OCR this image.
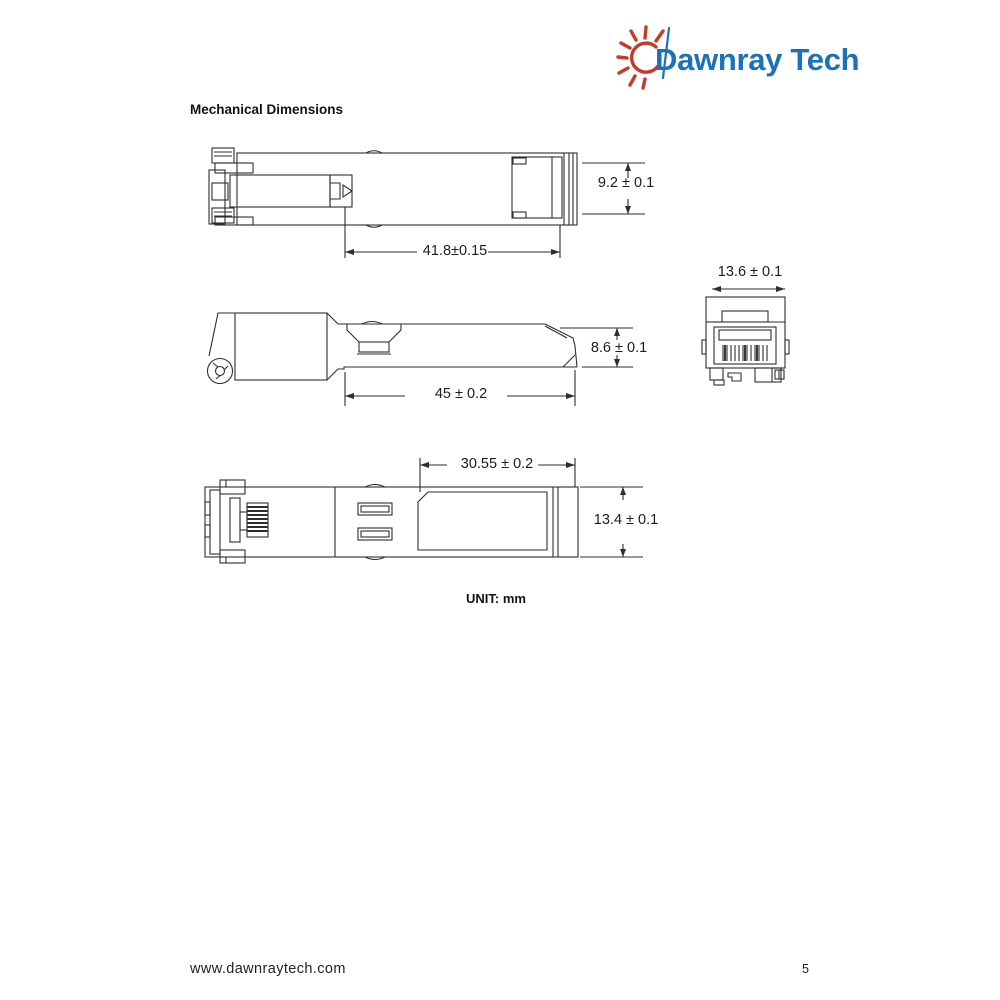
Dawnray Tech
Mechanical Dimensions
9.2 ± 0.1
41.8±0.15
8.6 ± 0.1
45 ± 0.2
13.6 ± 0.1
30.55 ± 0.2
13.4 ± 0.1
UNIT: mm
www.dawnraytech.com	5
